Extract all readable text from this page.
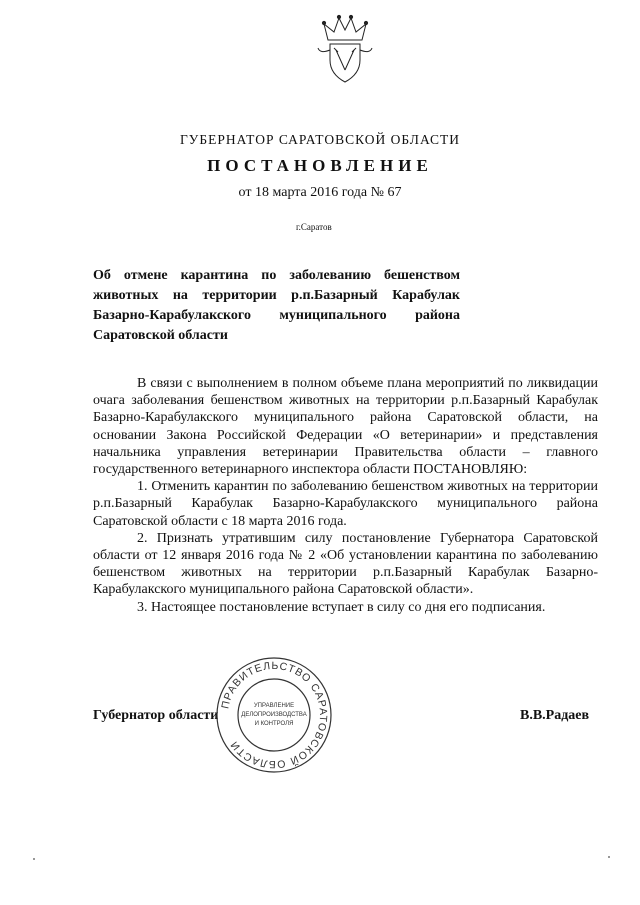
ГУБЕРНАТОР САРАТОВСКОЙ ОБЛАСТИ
ПОСТАНОВЛЕНИЕ
от 18 марта 2016 года № 67
г.Саратов
Об отмене карантина по заболеванию бешенством животных на территории р.п.Базарный Карабулак Базарно-Карабулакского муниципального района Саратовской области

В связи с выполнением в полном объеме плана мероприятий по ликвидации очага заболевания бешенством животных на территории р.п.Базарный Карабулак Базарно-Карабулакского муниципального района Саратовской области, на основании Закона Российской Федерации «О ветеринарии» и представления начальника управления ветеринарии Правительства области – главного государственного ветеринарного инспектора области ПОСТАНОВЛЯЮ:

1. Отменить карантин по заболеванию бешенством животных на территории р.п.Базарный Карабулак Базарно-Карабулакского муниципального района Саратовской области с 18 марта 2016 года.

2. Признать утратившим силу постановление Губернатора Саратовской области от 12 января 2016 года № 2 «Об установлении карантина по заболеванию бешенством животных на территории р.п.Базарный Карабулак Базарно-Карабулакского муниципального района Саратовской области».

3. Настоящее постановление вступает в силу со дня его подписания.

Губернатор области	В.В.Радаев
ПРАВИТЕЛЬСТВО САРАТОВСКОЙ ОБЛАСТИ
УПРАВЛЕНИЕ
ДЕЛОПРОИЗВОДСТВА
И КОНТРОЛЯ
